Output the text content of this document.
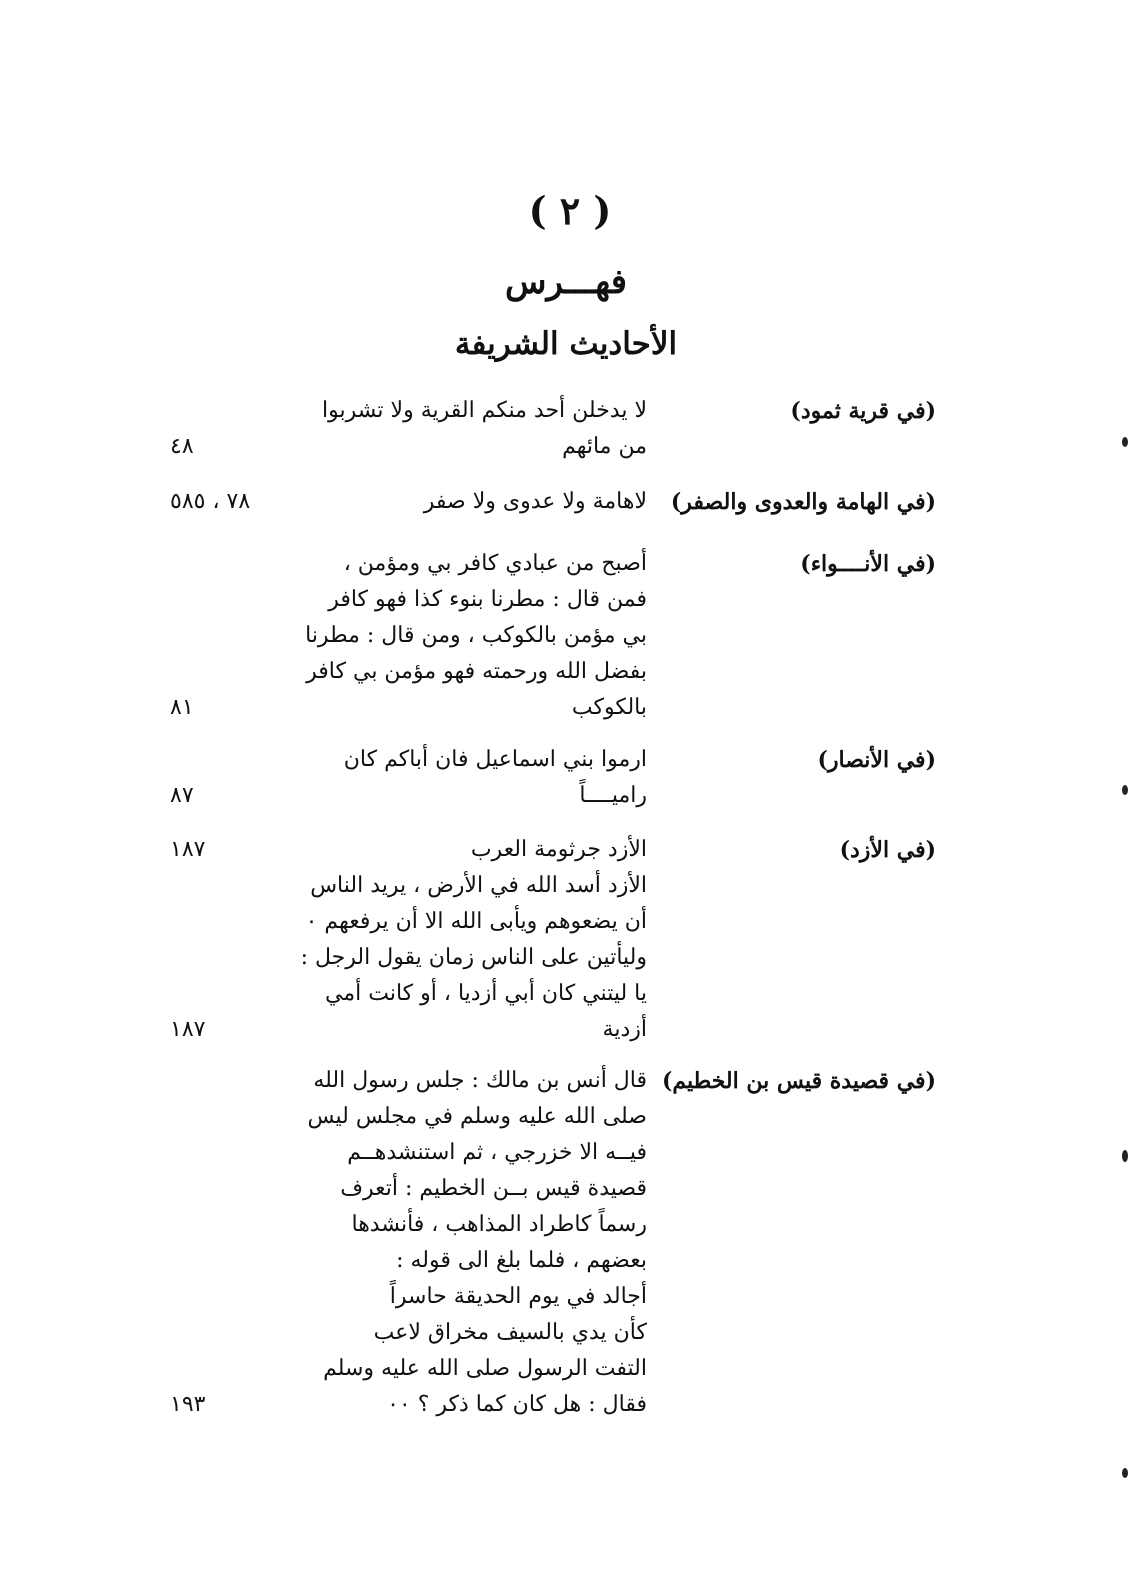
( ٢ )
فهـــرس
الأحاديث الشريفة
(في قرية ثمود)
لا يدخلن أحد منكم القرية ولا تشربوا
من مائهم
٤٨
(في الهامة والعدوى والصفر)
لاهامة ولا عدوى ولا صفر
٧٨ ، ٥٨٥
(في الأنــــواء)
أصبح من عبادي كافر بي ومؤمن ،
فمن قال : مطرنا بنوء كذا فهو كافر
بي مؤمن بالكوكب ، ومن قال : مطرنا
بفضل الله ورحمته فهو مؤمن بي كافر
بالكوكب
٨١
(في الأنصار)
ارموا بني اسماعيل فان أباكم كان
راميــــاً
٨٧
(في الأزد)
الأزد جرثومة العرب
الأزد أسد الله في الأرض ، يريد الناس
أن يضعوهم ويأبى الله الا أن يرفعهم ٠
وليأتين على الناس زمان يقول الرجل :
يا ليتني كان أبي أزديا ، أو كانت أمي
أزدية
١٨٧
١٨٧
(في قصيدة قيس بن الخطيم)
قال أنس بن مالك : جلس رسول الله
صلى الله عليه وسلم في مجلس ليس
فيــه الا خزرجي ، ثم استنشدهــم
قصيدة قيس بــن الخطيم : أتعرف
رسماً كاطراد المذاهب ، فأنشدها
بعضهم ، فلما بلغ الى قوله :
أجالد في يوم الحديقة حاسراً
كأن يدي بالسيف مخراق لاعب
التفت الرسول صلى الله عليه وسلم
فقال : هل كان كما ذكر ؟ ٠٠
١٩٣
